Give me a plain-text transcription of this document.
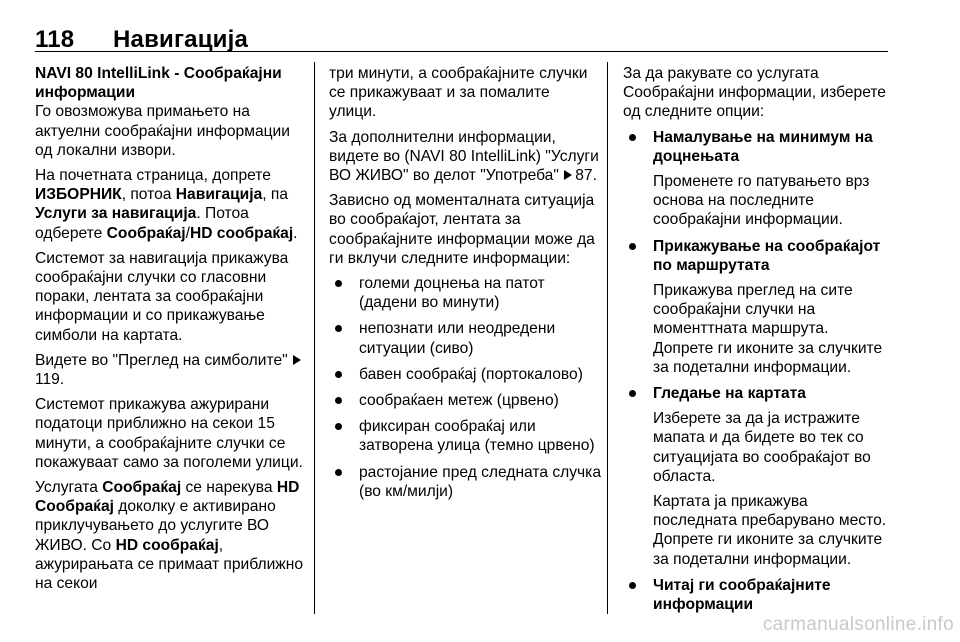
118 Навигација
NAVI 80 IntelliLink - Сообраќајни информации

Го овозможува примањето на актуелни сообраќајни информации од локални извори.

На почетната страница, допрете ИЗБОРНИК, потоа Навигација, па Услуги за навигација. Потоа одберете Сообраќај/HD сообраќај.

Системот за навигација прикажува сообраќајни случки со гласовни пораки, лентата за сообраќајни информации и со прикажување симболи на картата.

Видете во "Преглед на симболите" 119.

Системот прикажува ажурирани податоци приближно на секои 15 минути, а сообраќајните случки се покажуваат само за поголеми улици.

Услугата Сообраќај се нарекува HD Сообраќај доколку е активирано приклучувањето до услугите ВО ЖИВО. Со HD сообраќај, ажурирањата се примаат приближно на секои

три минути, а сообраќајните случки се прикажуваат и за помалите улици.

За дополнителни информации, видете во (NAVI 80 IntelliLink) "Услуги ВО ЖИВО" во делот "Употреба" 87.

Зависно од моменталната ситуација во сообраќајот, лентата за сообраќајните информации може да ги вклучи следните информации:

големи доцнења на патот (дадени во минути)
непознати или неодредени ситуации (сиво)
бавен сообраќај (портокалово)
сообраќаен метеж (црвено)
фиксиран сообраќај или затворена улица (темно црвено)
растојание пред следната случка (во км/милји)

За да ракувате со услугата Сообраќајни информации, изберете од следните опции:

Намалување на минимум на доцнењата

Променете го патувањето врз основа на последните сообраќајни информации.

Прикажување на сообраќајот по маршрутата

Прикажува преглед на сите сообраќајни случки на моменттната маршрута. Допрете ги иконите за случките за подетални информации.

Гледање на картата

Изберете за да ја истражите мапата и да бидете во тек со ситуацијата во сообраќајот во областа.

Картата ја прикажува последната пребарувано место. Допрете ги иконите за случките за подетални информации.

Читај ги сообраќајните информации
carmanualsonline.info
